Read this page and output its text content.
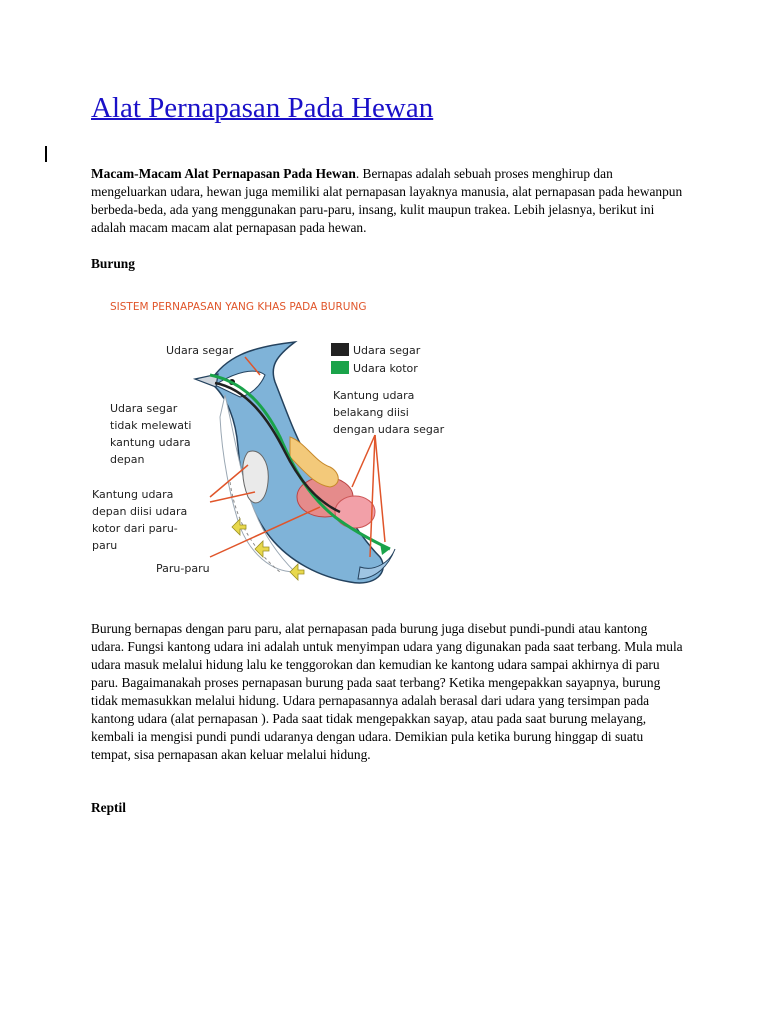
Alat Pernapasan Pada Hewan

Macam-Macam Alat Pernapasan Pada Hewan. Bernapas adalah sebuah proses menghirup dan mengeluarkan udara, hewan juga memiliki alat pernapasan layaknya manusia, alat pernapasan pada hewanpun berbeda-beda, ada yang menggunakan paru-paru, insang, kulit maupun trakea. Lebih jelasnya, berikut ini adalah macam macam alat pernapasan pada hewan.

Burung

SISTEM PERNAPASAN YANG KHAS PADA BURUNG
Udara segar	Udara segar
Udara kotor
Udara segar
tidak melewati
kantung udara
depan
Kantung udara
depan diisi udara
kotor dari paru-
paru
Kantung udara
belakang diisi
dengan udara segar
Paru-paru

Burung bernapas dengan paru paru, alat pernapasan pada burung juga disebut pundi-pundi atau kantong udara. Fungsi kantong udara ini adalah untuk menyimpan udara yang digunakan pada saat terbang. Mula mula udara masuk melalui hidung lalu ke tenggorokan dan kemudian ke kantong udara sampai akhirnya di paru paru. Bagaimanakah proses pernapasan burung pada saat terbang? Ketika mengepakkan sayapnya, burung tidak memasukkan melalui hidung. Udara pernapasannya adalah berasal dari udara yang tersimpan pada kantong udara (alat pernapasan ). Pada saat tidak mengepakkan sayap, atau pada saat burung melayang, kembali ia mengisi pundi pundi udaranya dengan udara. Demikian pula ketika burung hinggap di suatu tempat, sisa pernapasan akan keluar melalui hidung.

Reptil
